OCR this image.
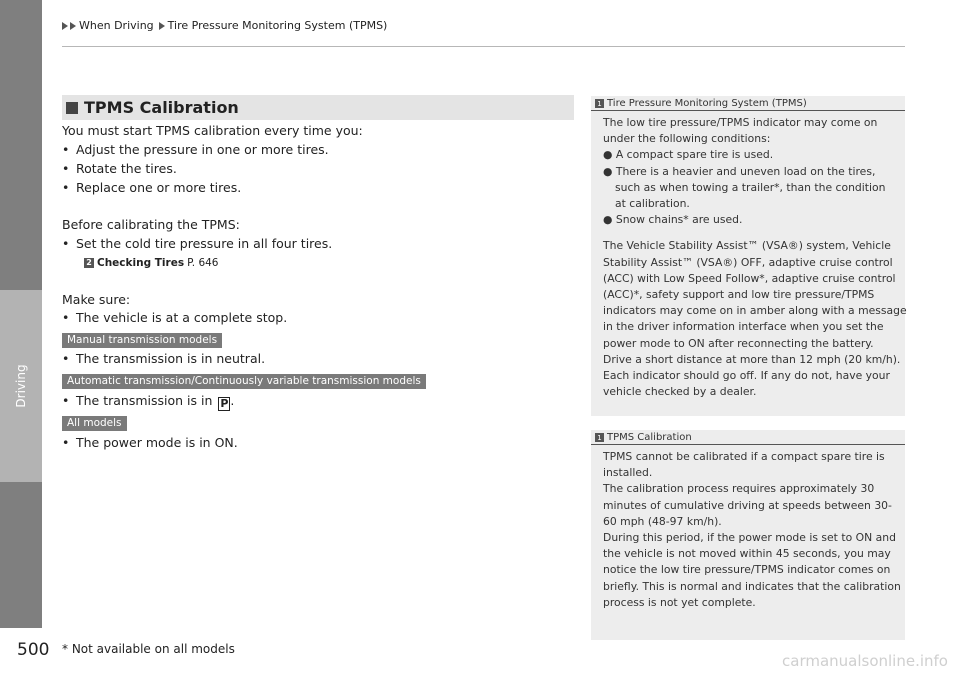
Driving
When Driving Tire Pressure Monitoring System (TPMS)
TPMS Calibration
You must start TPMS calibration every time you:
• Adjust the pressure in one or more tires.
• Rotate the tires.
• Replace one or more tires.
Before calibrating the TPMS:
• Set the cold tire pressure in all four tires.
2 Checking Tires P. 646
Make sure:
• The vehicle is at a complete stop.
Manual transmission models
• The transmission is in neutral.
Automatic transmission/Continuously variable transmission models
• The transmission is in P .
All models
• The power mode is in ON.
1 Tire Pressure Monitoring System (TPMS)
The low tire pressure/TPMS indicator may come on
under the following conditions:
● A compact spare tire is used.
● There is a heavier and uneven load on the tires,
such as when towing a trailer*, than the condition
at calibration.
● Snow chains* are used.
The Vehicle Stability Assist™ (VSA®) system, Vehicle
Stability Assist™ (VSA®) OFF, adaptive cruise control
(ACC) with Low Speed Follow*, adaptive cruise control
(ACC)*, safety support and low tire pressure/TPMS
indicators may come on in amber along with a message
in the driver information interface when you set the
power mode to ON after reconnecting the battery.
Drive a short distance at more than 12 mph (20 km/h).
Each indicator should go off. If any do not, have your
vehicle checked by a dealer.
1 TPMS Calibration
TPMS cannot be calibrated if a compact spare tire is
installed.
The calibration process requires approximately 30
minutes of cumulative driving at speeds between 30-
60 mph (48-97 km/h).
During this period, if the power mode is set to ON and
the vehicle is not moved within 45 seconds, you may
notice the low tire pressure/TPMS indicator comes on
briefly. This is normal and indicates that the calibration
process is not yet complete.
500 * Not available on all models
carmanualsonline.info
